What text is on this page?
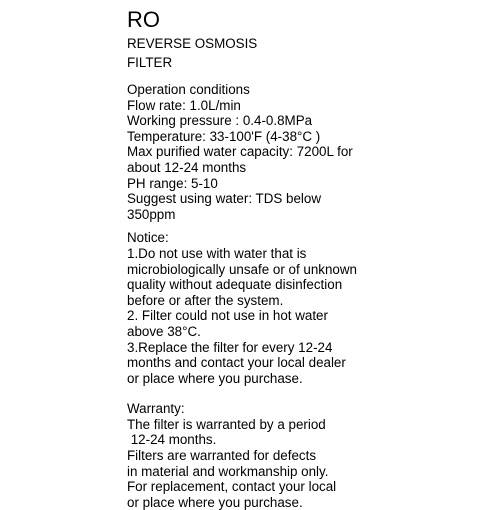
RO
REVERSE OSMOSIS
FILTER
Operation conditions
Flow rate: 1.0L/min
Working pressure : 0.4-0.8MPa
Temperature: 33-100'F (4-38°C )
Max purified water capacity: 7200L for
about 12-24 months
PH range: 5-10
Suggest using water: TDS below
350ppm
Notice:
1.Do not use with water that is
microbiologically unsafe or of unknown
quality without adequate disinfection
before or after the system.
2. Filter could not use in hot water
above 38°C.
3.Replace the filter for every 12-24
months and contact your local dealer
or place where you purchase.
Warranty:
The filter is warranted by a period
12-24 months.
Filters are warranted for defects
in material and workmanship only.
For replacement, contact your local
or place where you purchase.
